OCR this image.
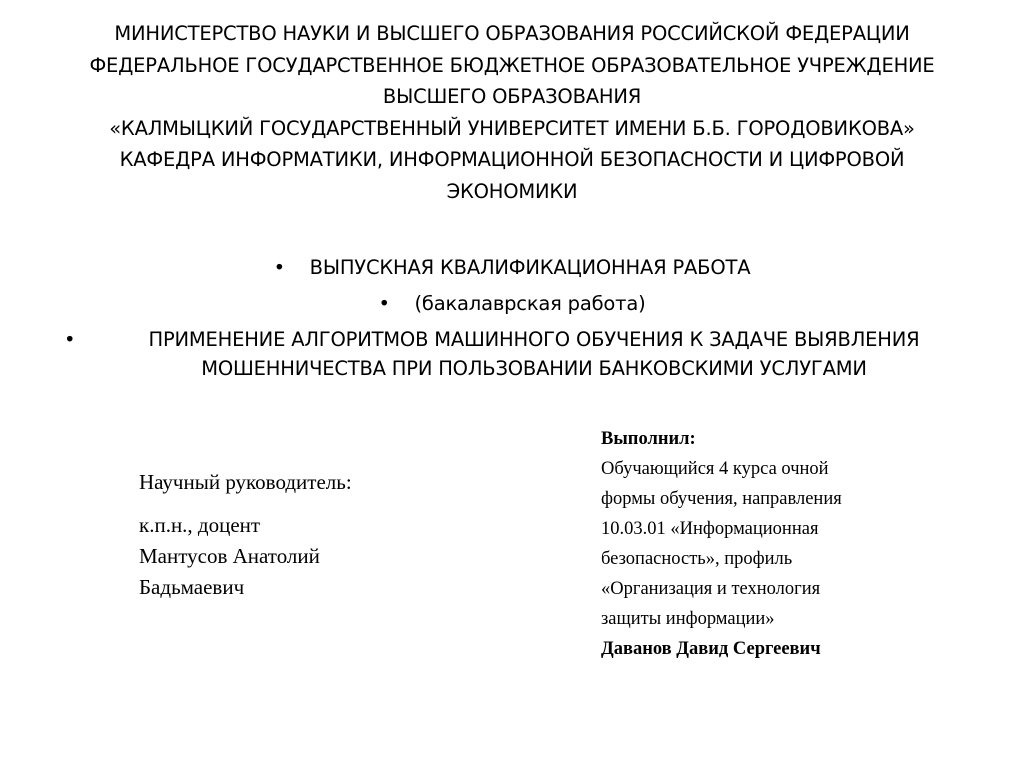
МИНИСТЕРСТВО НАУКИ И ВЫСШЕГО ОБРАЗОВАНИЯ РОССИЙСКОЙ ФЕДЕРАЦИИ
ФЕДЕРАЛЬНОЕ ГОСУДАРСТВЕННОЕ БЮДЖЕТНОЕ ОБРАЗОВАТЕЛЬНОЕ УЧРЕЖДЕНИЕ
ВЫСШЕГО ОБРАЗОВАНИЯ
«КАЛМЫЦКИЙ ГОСУДАРСТВЕННЫЙ УНИВЕРСИТЕТ ИМЕНИ Б.Б. ГОРОДОВИКОВА»
КАФЕДРА ИНФОРМАТИКИ, ИНФОРМАЦИОННОЙ БЕЗОПАСНОСТИ И ЦИФРОВОЙ
ЭКОНОМИКИ
• ВЫПУСКНАЯ КВАЛИФИКАЦИОННАЯ РАБОТА
• (бакалаврская работа)
•	ПРИМЕНЕНИЕ АЛГОРИТМОВ МАШИННОГО ОБУЧЕНИЯ К ЗАДАЧЕ ВЫЯВЛЕНИЯ
МОШЕННИЧЕСТВА ПРИ ПОЛЬЗОВАНИИ БАНКОВСКИМИ УСЛУГАМИ
Научный руководитель:
к.п.н., доцент
Мантусов Анатолий
Бадьмаевич
Выполнил:
Обучающийся 4 курса очной
формы обучения, направления
10.03.01 «Информационная
безопасность», профиль
«Организация и технология
защиты информации»
Даванов Давид Сергеевич
